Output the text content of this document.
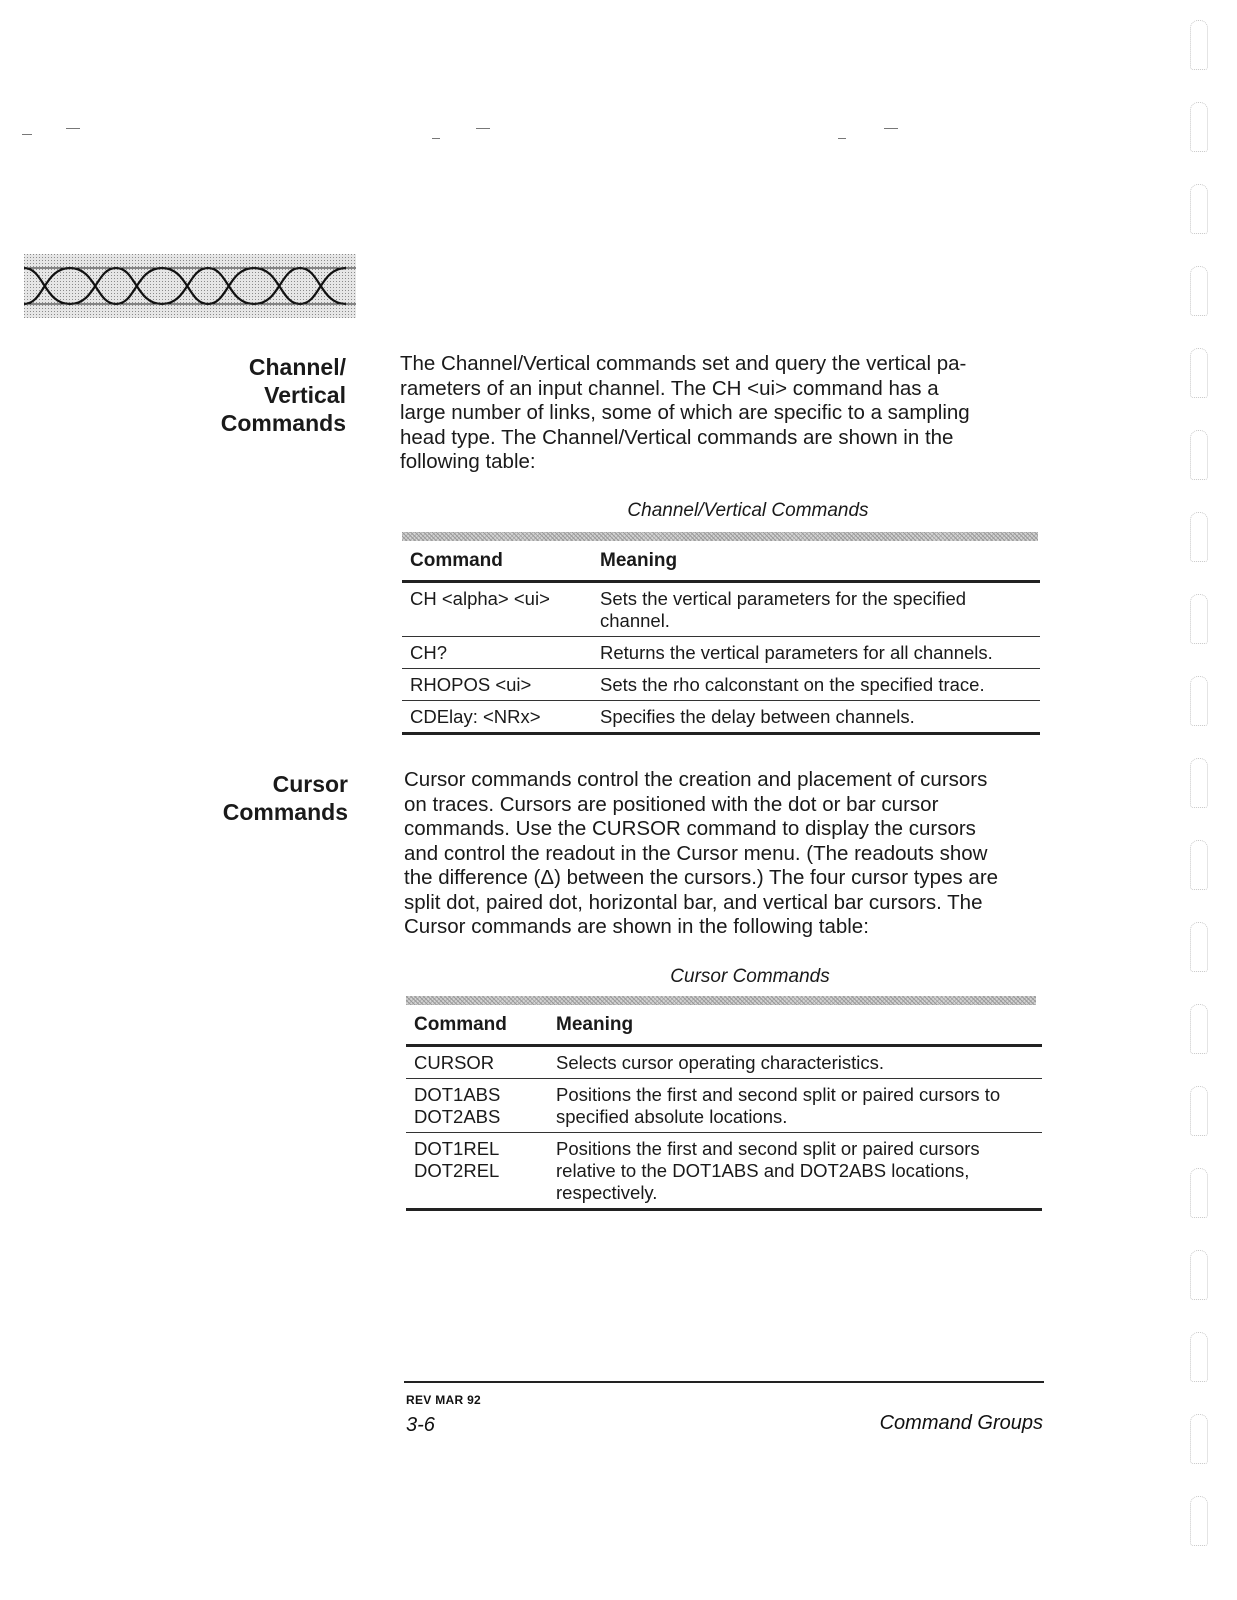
Channel/
Vertical
Commands
The Channel/Vertical commands set and query the vertical pa-
rameters of an input channel. The CH <ui> command has a
large number of links, some of which are specific to a sampling
head type. The Channel/Vertical commands are shown in the
following table:
Channel/Vertical Commands
Command	Meaning
CH <alpha> <ui>	Sets the vertical parameters for the specified channel.
CH?	Returns the vertical parameters for all channels.
RHOPOS <ui>	Sets the rho calconstant on the specified trace.
CDElay: <NRx>	Specifies the delay between channels.
Cursor
Commands
Cursor commands control the creation and placement of cursors
on traces. Cursors are positioned with the dot or bar cursor
commands. Use the CURSOR command to display the cursors
and control the readout in the Cursor menu. (The readouts show
the difference (Δ) between the cursors.) The four cursor types are
split dot, paired dot, horizontal bar, and vertical bar cursors. The
Cursor commands are shown in the following table:
Cursor Commands
Command	Meaning
CURSOR	Selects cursor operating characteristics.
DOT1ABS
DOT2ABS	Positions the first and second split or paired cursors to specified absolute locations.
DOT1REL
DOT2REL	Positions the first and second split or paired cursors relative to the DOT1ABS and DOT2ABS locations, respectively.
REV MAR 92
3-6	Command Groups
